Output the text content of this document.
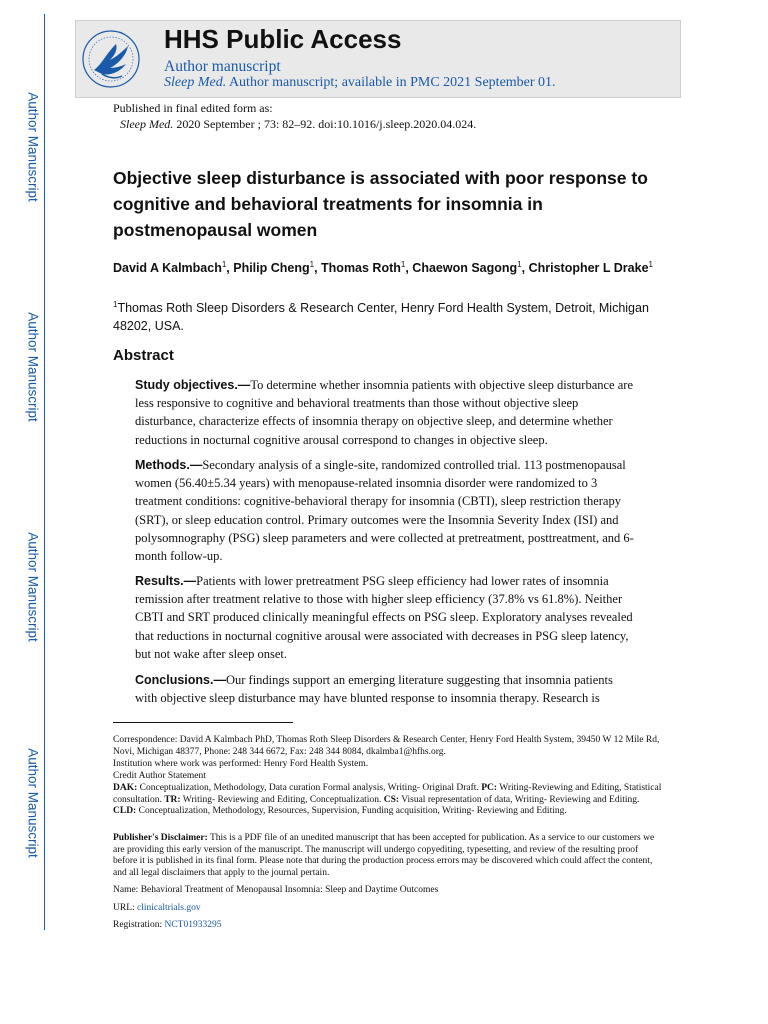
Author Manuscript
Author Manuscript
Author Manuscript
Author Manuscript
HHS Public Access
Author manuscript
Sleep Med. Author manuscript; available in PMC 2021 September 01.
Published in final edited form as:
Sleep Med. 2020 September ; 73: 82–92. doi:10.1016/j.sleep.2020.04.024.
Objective sleep disturbance is associated with poor response to cognitive and behavioral treatments for insomnia in postmenopausal women
David A Kalmbach$^1$, Philip Cheng$^1$, Thomas Roth$^1$, Chaewon Sagong$^1$, Christopher L Drake$^1$
$^1$Thomas Roth Sleep Disorders & Research Center, Henry Ford Health System, Detroit, Michigan 48202, USA.
Abstract
Study objectives.—To determine whether insomnia patients with objective sleep disturbance are less responsive to cognitive and behavioral treatments than those without objective sleep disturbance, characterize effects of insomnia therapy on objective sleep, and determine whether reductions in nocturnal cognitive arousal correspond to changes in objective sleep.
Methods.—Secondary analysis of a single-site, randomized controlled trial. 113 postmenopausal women (56.40±5.34 years) with menopause-related insomnia disorder were randomized to 3 treatment conditions: cognitive-behavioral therapy for insomnia (CBTI), sleep restriction therapy (SRT), or sleep education control. Primary outcomes were the Insomnia Severity Index (ISI) and polysomnography (PSG) sleep parameters and were collected at pretreatment, posttreatment, and 6-month follow-up.
Results.—Patients with lower pretreatment PSG sleep efficiency had lower rates of insomnia remission after treatment relative to those with higher sleep efficiency (37.8% vs 61.8%). Neither CBTI and SRT produced clinically meaningful effects on PSG sleep. Exploratory analyses revealed that reductions in nocturnal cognitive arousal were associated with decreases in PSG sleep latency, but not wake after sleep onset.
Conclusions.—Our findings support an emerging literature suggesting that insomnia patients with objective sleep disturbance may have blunted response to insomnia therapy. Research is
Correspondence: David A Kalmbach PhD, Thomas Roth Sleep Disorders & Research Center, Henry Ford Health System, 39450 W 12 Mile Rd, Novi, Michigan 48377, Phone: 248 344 6672, Fax: 248 344 8084, dkalmba1@hfhs.org.
Institution where work was performed: Henry Ford Health System.
Credit Author Statement
DAK: Conceptualization, Methodology, Data curation Formal analysis, Writing- Original Draft. PC: Writing-Reviewing and Editing, Statistical consultation. TR: Writing- Reviewing and Editing, Conceptualization. CS: Visual representation of data, Writing- Reviewing and Editing. CLD: Conceptualization, Methodology, Resources, Supervision, Funding acquisition, Writing- Reviewing and Editing.
Publisher's Disclaimer: This is a PDF file of an unedited manuscript that has been accepted for publication. As a service to our customers we are providing this early version of the manuscript. The manuscript will undergo copyediting, typesetting, and review of the resulting proof before it is published in its final form. Please note that during the production process errors may be discovered which could affect the content, and all legal disclaimers that apply to the journal pertain.
Name: Behavioral Treatment of Menopausal Insomnia: Sleep and Daytime Outcomes
URL: clinicaltrials.gov
Registration: NCT01933295
